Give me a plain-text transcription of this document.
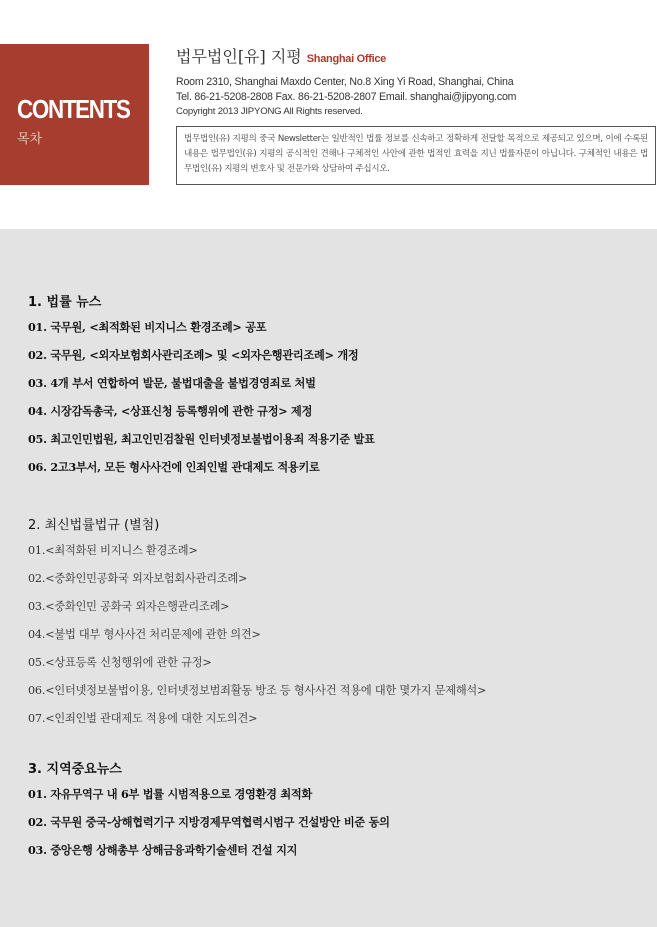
CONTENTS
목차
법무법인[유] 지평 Shanghai Office
Room 2310, Shanghai Maxdo Center, No.8 Xing Yi Road, Shanghai, China
Tel. 86-21-5208-2808 Fax. 86-21-5208-2807 Email. shanghai@jipyong.com
Copyright 2013 JIPYONG All Rights reserved.
법무법인(유) 지평의 중국 Newsletter는 일반적인 법률 정보를 신속하고 정확하게 전달할 목적으로 제공되고 있으며, 이에 수록된 내용은 법무법인(유) 지평의 공식적인 견해나 구체적인 사안에 관한 법적인 효력을 지닌 법률자문이 아닙니다. 구체적인 내용은 법무법인(유) 지평의 변호사 및 전문가와 상담하여 주십시오.
1. 법률 뉴스
01. 국무원, <최적화된 비지니스 환경조례> 공포
02. 국무원, <외자보험회사관리조례> 및 <외자은행관리조례> 개정
03. 4개 부서 연합하여 발문, 불법대출을 불법경영죄로 처벌
04. 시장감독총국, <상표신청 등록행위에 관한 규정> 제정
05. 최고인민법원, 최고인민검찰원 인터넷정보불법이용죄 적용기준 발표
06. 2고3부서, 모든 형사사건에 인죄인벌 관대제도 적용키로
2. 최신법률법규 (별첨)
01.<최적화된 비지니스 환경조례>
02.<중화인민공화국 외자보험회사관리조례>
03.<중화인민 공화국 외자은행관리조례>
04.<불법 대부 형사사건 처리문제에 관한 의견>
05.<상표등록 신청행위에 관한 규정>
06.<인터넷정보불법이용, 인터넷정보범죄활동 방조 등 형사사건 적용에 대한 몇가지 문제해석>
07.<인죄인벌 관대제도 적용에 대한 지도의견>
3. 지역중요뉴스
01. 자유무역구 내 6부 법률 시범적용으로 경영환경 최적화
02. 국무원 중국-상해협력기구 지방경제무역협력시범구 건설방안 비준 동의
03. 중앙은행 상해총부 상해금융과학기술센터 건설 지지
